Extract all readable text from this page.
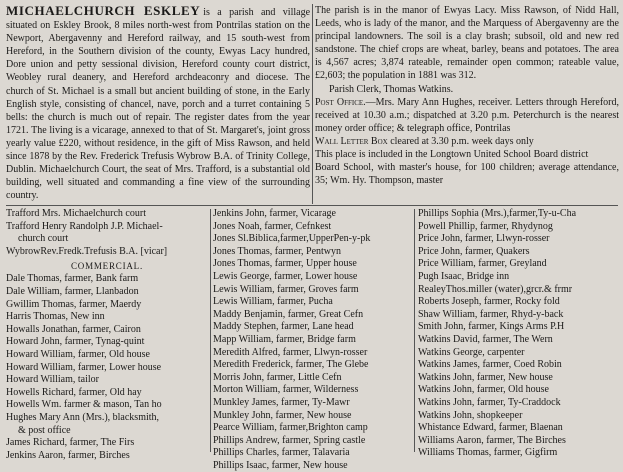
MICHAELCHURCH ESKLEY is a parish and village situated on Eskley Brook, 8 miles north-west from Pontrilas station on the Newport, Abergavenny and Hereford railway, and 15 south-west from Hereford, in the Southern division of the county, Ewyas Lacy hundred, Dore union and petty sessional division, Hereford county court district, Weobley rural deanery, and Hereford archdeaconry and diocese. The church of St. Michael is a small but ancient building of stone, in the Early English style, consisting of chancel, nave, porch and a turret containing 5 bells: the church is much out of repair. The register dates from the year 1721. The living is a vicarage, annexed to that of St. Margaret's, joint gross yearly value £220, without residence, in the gift of Miss Rawson, and held since 1878 by the Rev. Frederick Trefusis Wybrow B.A. of Trinity College, Dublin. Michaelchurch Court, the seat of Mrs. Trafford, is a substantial old building, well situated and commanding a fine view of the surrounding country.

The parish is in the manor of Ewyas Lacy. Miss Rawson, of Nidd Hall, Leeds, who is lady of the manor, and the Marquess of Abergavenny are the principal landowners. The soil is a clay brash; subsoil, old and new red sandstone. The chief crops are wheat, barley, beans and potatoes. The area is 4,567 acres; 3,874 rateable, remainder open common; rateable value, £2,603; the population in 1881 was 312.

Parish Clerk, Thomas Watkins.

Post Office.—Mrs. Mary Ann Hughes, receiver. Letters through Hereford, received at 10.30 a.m.; dispatched at 3.20 p.m. Peterchurch is the nearest money order office; & telegraph office, Pontrilas

Wall Letter Box cleared at 3.30 p.m. week days only

This place is included in the Longtown United School Board district

Board School, with master's house, for 100 children; average attendance, 35; Wm. Hy. Thompson, master

Trafford Mrs. Michaelchurch court
Trafford Henry Randolph J.P. Michael-
church court
WybrowRev.Fredk.Trefusis B.A. [vicar]
COMMERCIAL.
Dale Thomas, farmer, Bank farm
Dale William, farmer, Llanbadon
Gwillim Thomas, farmer, Maerdy
Harris Thomas, New inn
Howalls Jonathan, farmer, Cairon
Howard John, farmer, Tynag-quint
Howard William, farmer, Old house
Howard William, farmer, Lower house
Howard William, tailor
Howells Richard, farmer, Old hay
Howells Wm. farmer & mason, Tan ho
Hughes Mary Ann (Mrs.), blacksmith,
& post office
James Richard, farmer, The Firs
Jenkins Aaron, farmer, Birches
Jenkins John, farmer, Vicarage
Jones Noah, farmer, Cefnkest
Jones Sl.Biblica,farmer,UpperPen-y-pk
Jones Thomas, farmer, Pentwyn
Jones Thomas, farmer, Upper house
Lewis George, farmer, Lower house
Lewis William, farmer, Groves farm
Lewis William, farmer, Pucha
Maddy Benjamin, farmer, Great Cefn
Maddy Stephen, farmer, Lane head
Mapp William, farmer, Bridge farm
Meredith Alfred, farmer, Llwyn-rosser
Meredith Frederick, farmer, The Glebe
Morris John, farmer, Little Cefn
Morton William, farmer, Wilderness
Munkley James, farmer, Ty-Mawr
Munkley John, farmer, New house
Pearce William, farmer,Brighton camp
Phillips Andrew, farmer, Spring castle
Phillips Charles, farmer, Talavaria
Phillips Isaac, farmer, New house
Phillips Sophia (Mrs.),farmer,Ty-u-Cha
Powell Phillip, farmer, Rhydynog
Price John, farmer, Llwyn-rosser
Price John, farmer, Quakers
Price William, farmer, Greyland
Pugh Isaac, Bridge inn
RealeyThos.miller (water),grcr.& frmr
Roberts Joseph, farmer, Rocky fold
Shaw William, farmer, Rhyd-y-back
Smith John, farmer, Kings Arms P.H
Watkins David, farmer, The Wern
Watkins George, carpenter
Watkins James, farmer, Coed Robin
Watkins John, farmer, New house
Watkins John, farmer, Old house
Watkins John, farmer, Ty-Craddock
Watkins John, shopkeeper
Whistance Edward, farmer, Blaenan
Williams Aaron, farmer, The Birches
Williams Thomas, farmer, Gigfirm
